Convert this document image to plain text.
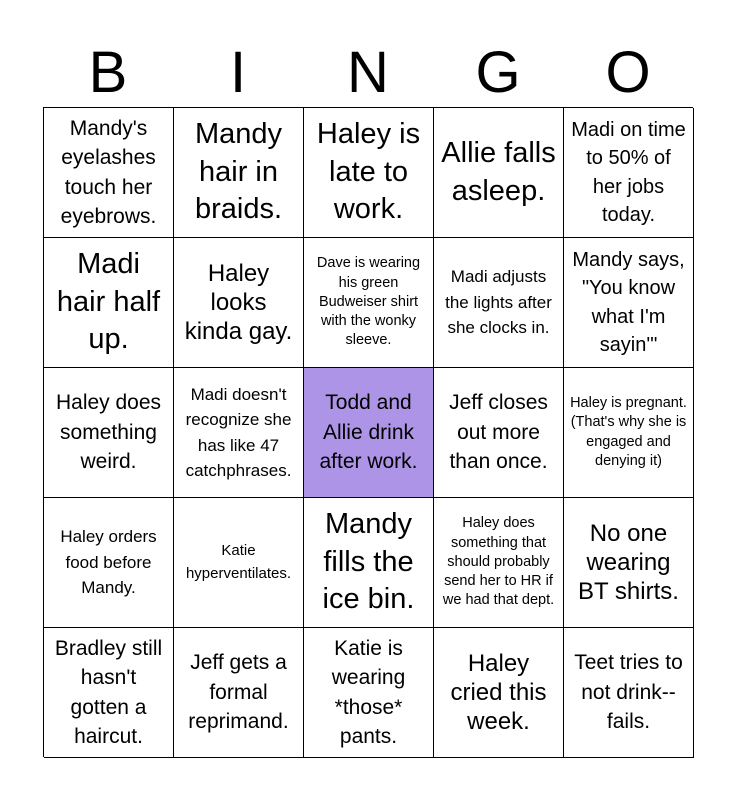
B	I	N	G	O
Mandy's eyelashes touch her eyebrows.
Mandy hair in braids.
Haley is late to work.
Allie falls asleep.
Madi on time to 50% of her jobs today.
Madi hair half up.
Haley looks kinda gay.
Dave is wearing his green Budweiser shirt with the wonky sleeve.
Madi adjusts the lights after she clocks in.
Mandy says, "You know what I'm sayin'"
Haley does something weird.
Madi doesn't recognize she has like 47 catchphrases.
Todd and Allie drink after work.
Jeff closes out more than once.
Haley is pregnant. (That's why she is engaged and denying it)
Haley orders food before Mandy.
Katie hyperventilates.
Mandy fills the ice bin.
Haley does something that should probably send her to HR if we had that dept.
No one wearing BT shirts.
Bradley still hasn't gotten a haircut.
Jeff gets a formal reprimand.
Katie is wearing *those* pants.
Haley cried this week.
Teet tries to not drink--fails.
